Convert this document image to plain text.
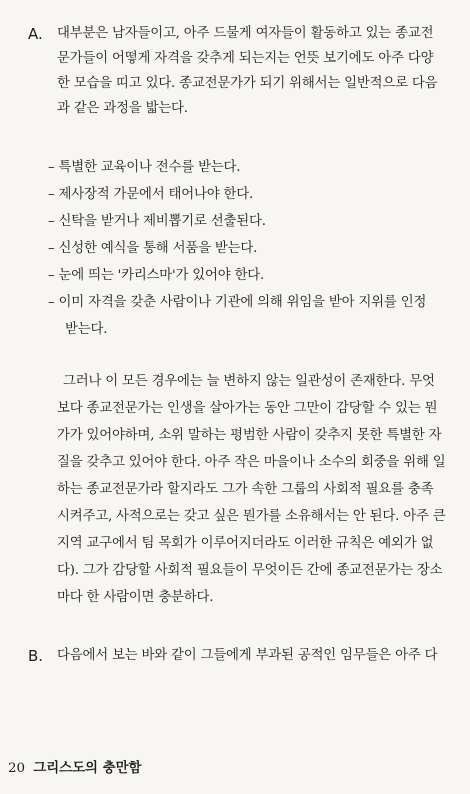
A. 대부분은 남자들이고, 아주 드물게 여자들이 활동하고 있는 종교전
문가들이 어떻게 자격을 갖추게 되는지는 언뜻 보기에도 아주 다양
한 모습을 띠고 있다. 종교전문가가 되기 위해서는 일반적으로 다음
과 같은 과정을 밟는다.
– 특별한 교육이나 전수를 받는다.
– 제사장적 가문에서 태어나야 한다.
– 신탁을 받거나 제비뽑기로 선출된다.
– 신성한 예식을 통해 서품을 받는다.
– 눈에 띄는 '카리스마'가 있어야 한다.
– 이미 자격을 갖춘 사람이나 기관에 의해 위임을 받아 지위를 인정
받는다.
그러나 이 모든 경우에는 늘 변하지 않는 일관성이 존재한다. 무엇
보다 종교전문가는 인생을 살아가는 동안 그만이 감당할 수 있는 뭔
가가 있어야하며, 소위 말하는 평범한 사람이 갖추지 못한 특별한 자
질을 갖추고 있어야 한다. 아주 작은 마을이나 소수의 회중을 위해 일
하는 종교전문가라 할지라도 그가 속한 그룹의 사회적 필요를 충족
시켜주고, 사적으로는 갖고 싶은 뭔가를 소유해서는 안 된다. 아주 큰
지역 교구에서 팀 목회가 이루어지더라도 이러한 규칙은 예외가 없
다). 그가 감당할 사회적 필요들이 무엇이든 간에 종교전문가는 장소
마다 한 사람이면 충분하다.
B. 다음에서 보는 바와 같이 그들에게 부과된 공적인 임무들은 아주 다
20 그리스도의 충만함
